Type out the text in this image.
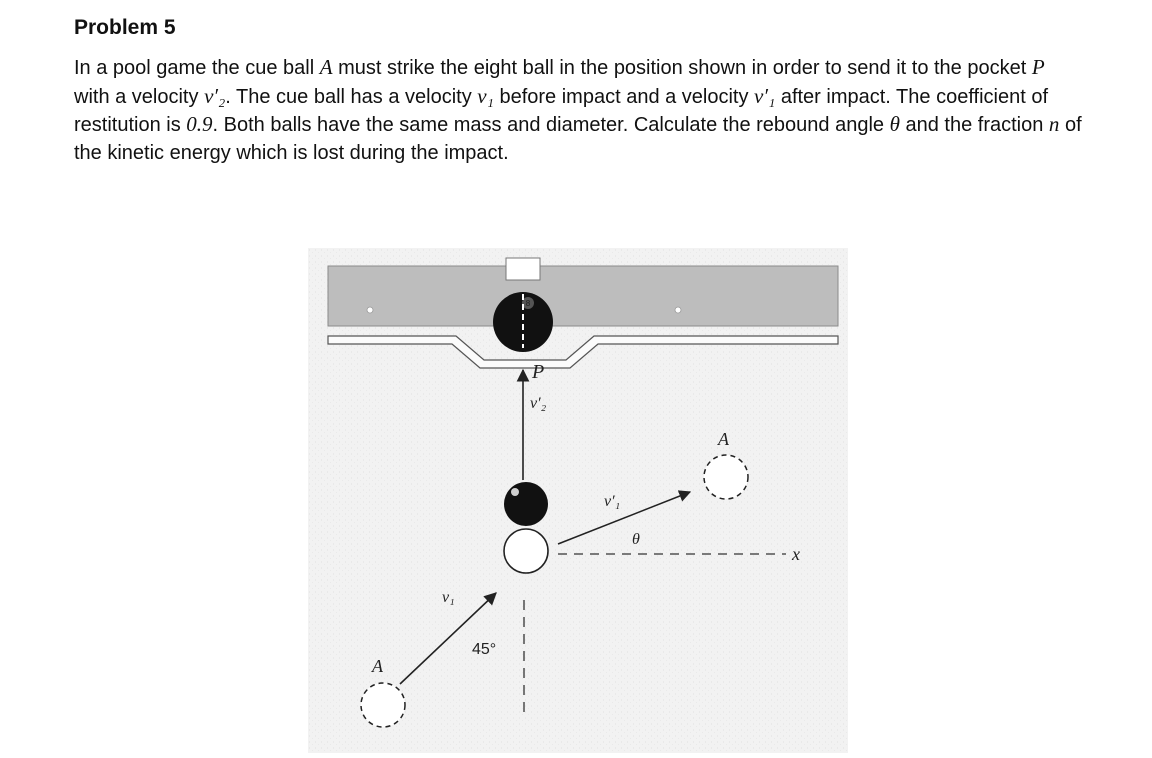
Problem 5

In a pool game the cue ball A must strike the eight ball in the position shown in order to send it to the pocket P with a velocity v′₂. The cue ball has a velocity v₁ before impact and a velocity v′₁ after impact. The coefficient of restitution is 0.9. Both balls have the same mass and diameter. Calculate the rebound angle θ and the fraction n of the kinetic energy which is lost during the impact.

8
P
v′₂
x
v′₁
θ
A
v₁
45°
A
